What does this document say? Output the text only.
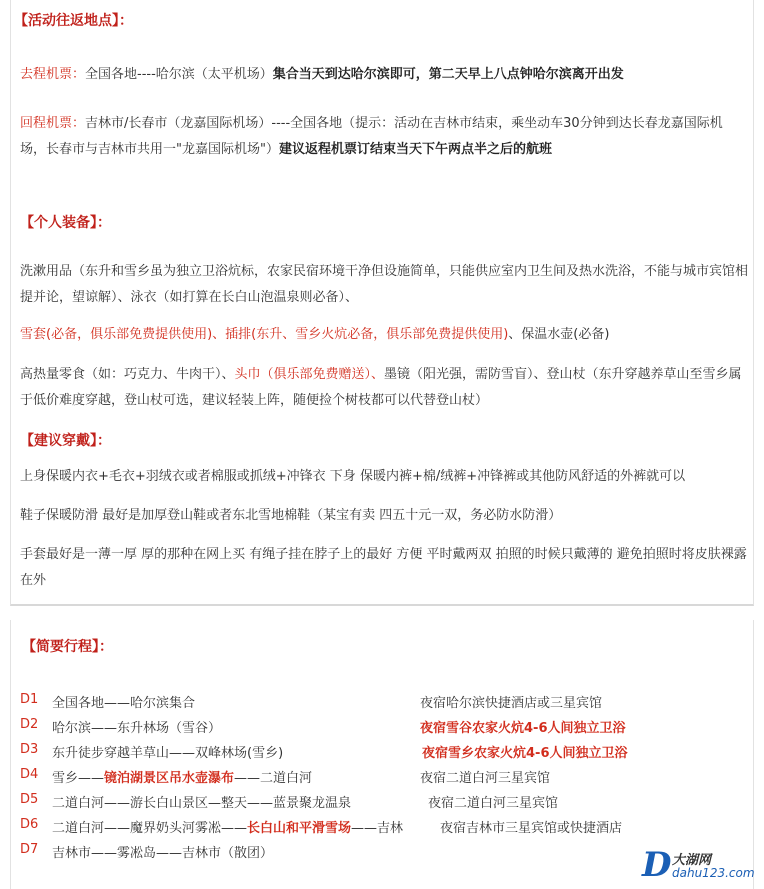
【活动往返地点】：
去程机票：全国各地----哈尔滨（太平机场）集合当天到达哈尔滨即可，第二天早上八点钟哈尔滨离开出发
回程机票：吉林市/长春市（龙嘉国际机场）----全国各地（提示：活动在吉林市结束，乘坐动车30分钟到达长春龙嘉国际机场，长春市与吉林市共用一"龙嘉国际机场"）建议返程机票订结束当天下午两点半之后的航班
【个人装备】：
洗漱用品（东升和雪乡虽为独立卫浴炕标，农家民宿环境干净但设施简单，只能供应室内卫生间及热水洗浴，不能与城市宾馆相提并论，望谅解）、泳衣（如打算在长白山泡温泉则必备）、
雪套(必备，俱乐部免费提供使用)、插排(东升、雪乡火炕必备，俱乐部免费提供使用)、保温水壶(必备)
高热量零食（如：巧克力、牛肉干）、头巾（俱乐部免费赠送）、墨镜（阳光强，需防雪盲）、登山杖（东升穿越养草山至雪乡属于低价难度穿越，登山杖可选，建议轻装上阵，随便捡个树枝都可以代替登山杖）
【建议穿戴】：
上身保暖内衣+毛衣+羽绒衣或者棉服或抓绒+冲锋衣 下身 保暖内裤+棉/绒裤+冲锋裤或其他防风舒适的外裤就可以
鞋子保暖防滑 最好是加厚登山鞋或者东北雪地棉鞋（某宝有卖 四五十元一双，务必防水防滑）
手套最好是一薄一厚 厚的那种在网上买 有绳子挂在脖子上的最好 方便 平时戴两双 拍照的时候只戴薄的 避免拍照时将皮肤裸露在外
【简要行程】：
D1 全国各地——哈尔滨集合	夜宿哈尔滨快捷酒店或三星宾馆
D2 哈尔滨——东升林场（雪谷）	夜宿雪谷农家火炕4-6人间独立卫浴
D3 东升徒步穿越羊草山——双峰林场(雪乡)	夜宿雪乡农家火炕4-6人间独立卫浴
D4 雪乡——镜泊湖景区吊水壶瀑布——二道白河	夜宿二道白河三星宾馆
D5 二道白河——游长白山景区—整天——蓝景聚龙温泉	夜宿二道白河三星宾馆
D6 二道白河——魔界奶头河雾凇——长白山和平滑雪场——吉林	夜宿吉林市三星宾馆或快捷酒店
D7 吉林市——雾凇岛——吉林市（散团）	D 大湖网
dahu123.com
